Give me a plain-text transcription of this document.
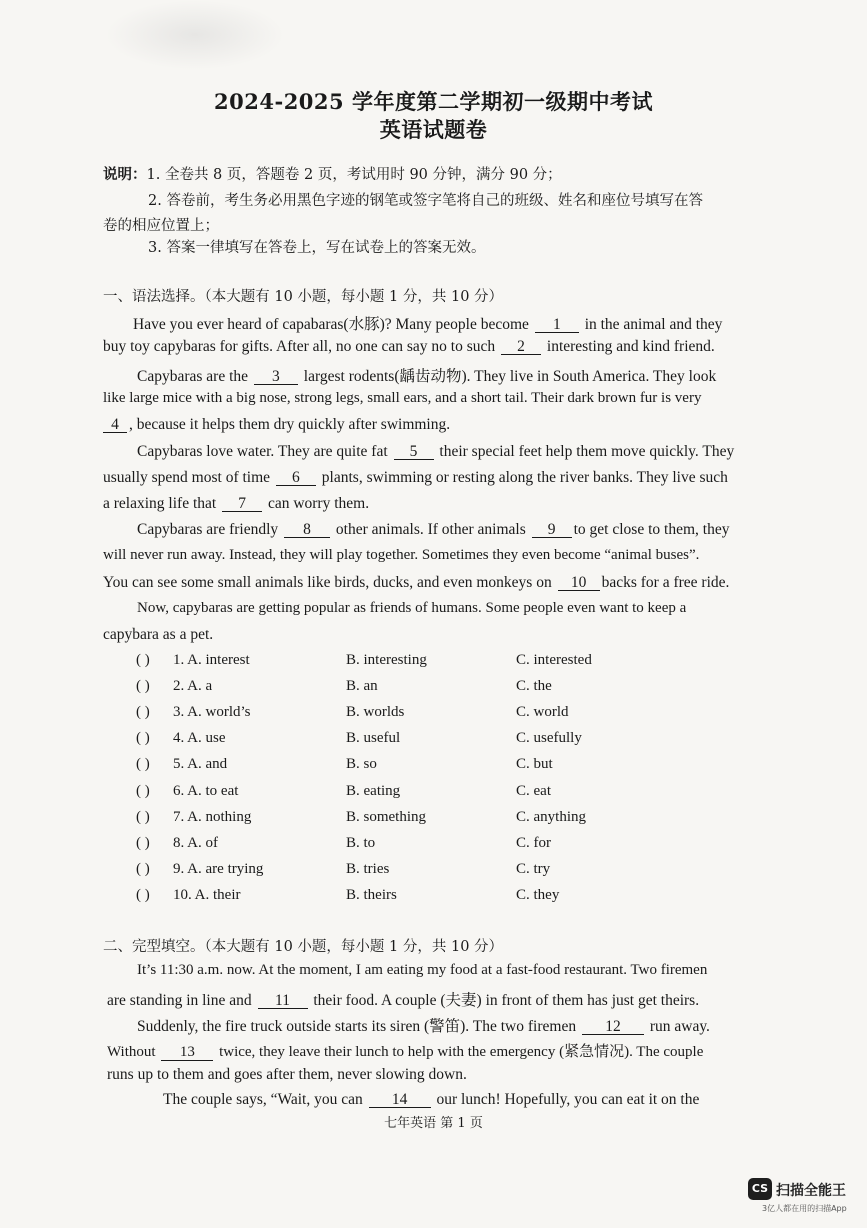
2024-2025 学年度第二学期初一级期中考试
英语试题卷
说明：1. 全卷共 8 页，答题卷 2 页，考试用时 90 分钟，满分 90 分；
2. 答卷前，考生务必用黑色字迹的钢笔或签字笔将自己的班级、姓名和座位号填写在答
卷的相应位置上；
3. 答案一律填写在答卷上，写在试卷上的答案无效。
一、语法选择。（本大题有 10 小题，每小题 1 分，共 10 分）
Have you ever heard of capabaras(水豚)? Many people become 1 in the animal and they
buy toy capybaras for gifts. After all, no one can say no to such 2 interesting and kind friend.
Capybaras are the 3 largest rodents(龋齿动物). They live in South America. They look
like large mice with a big nose, strong legs, small ears, and a short tail. Their dark brown fur is very
4 , because it helps them dry quickly after swimming.
Capybaras love water. They are quite fat 5 their special feet help them move quickly. They
usually spend most of time 6 plants, swimming or resting along the river banks. They live such
a relaxing life that 7 can worry them.
Capybaras are friendly 8 other animals. If other animals 9 to get close to them, they
will never run away. Instead, they will play together. Sometimes they even become “animal buses”.
You can see some small animals like birds, ducks, and even monkeys on 10 backs for a free ride.
Now, capybaras are getting popular as friends of humans. Some people even want to keep a
capybara as a pet.
( ) 1. A. interest	B. interesting	C. interested
( ) 2. A. a	B. an	C. the
( ) 3. A. world’s	B. worlds	C. world
( ) 4. A. use	B. useful	C. usefully
( ) 5. A. and	B. so	C. but
( ) 6. A. to eat	B. eating	C. eat
( ) 7. A. nothing	B. something	C. anything
( ) 8. A. of	B. to	C. for
( ) 9. A. are trying	B. tries	C. try
( ) 10. A. their	B. theirs	C. they
二、完型填空。（本大题有 10 小题，每小题 1 分，共 10 分）
It’s 11:30 a.m. now. At the moment, I am eating my food at a fast-food restaurant. Two firemen
are standing in line and 11 their food. A couple (夫妻) in front of them has just get theirs.
Suddenly, the fire truck outside starts its siren (警笛). The two firemen 12 run away.
Without 13 twice, they leave their lunch to help with the emergency (紧急情况). The couple
runs up to them and goes after them, never slowing down.
The couple says, “Wait, you can 14 our lunch! Hopefully, you can eat it on the
七年英语 第 1 页
CS 扫描全能王
3亿人都在用的扫描App
